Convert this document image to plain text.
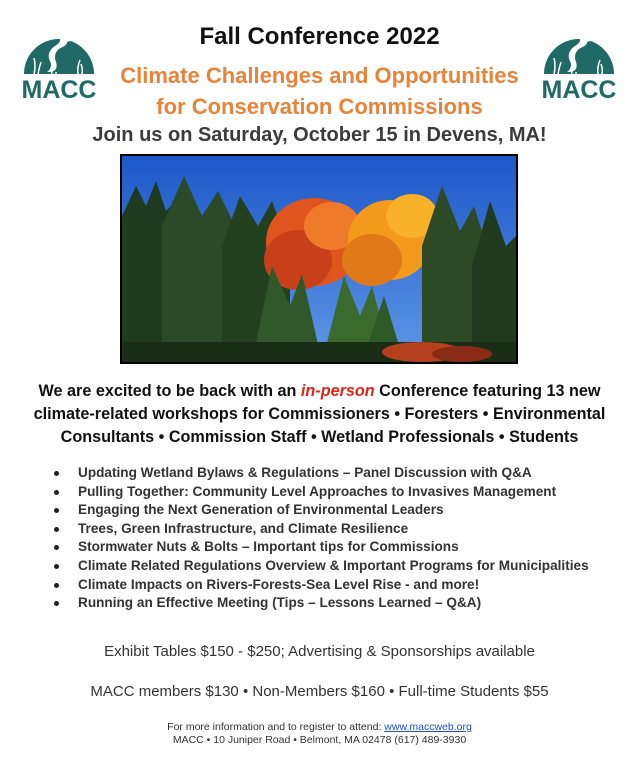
MACC	MACC

Fall Conference 2022

Climate Challenges and Opportunities
for Conservation Commissions

Join us on Saturday, October 15 in Devens, MA!

We are excited to be back with an in-person Conference featuring 13 new
climate-related workshops for Commissioners • Foresters • Environmental
Consultants • Commission Staff • Wetland Professionals • Students

Updating Wetland Bylaws & Regulations – Panel Discussion with Q&A
Pulling Together: Community Level Approaches to Invasives Management
Engaging the Next Generation of Environmental Leaders
Trees, Green Infrastructure, and Climate Resilience
Stormwater Nuts & Bolts – Important tips for Commissions
Climate Related Regulations Overview & Important Programs for Municipalities
Climate Impacts on Rivers-Forests-Sea Level Rise - and more!
Running an Effective Meeting (Tips – Lessons Learned – Q&A)

Exhibit Tables $150 - $250; Advertising & Sponsorships available

MACC members $130 • Non-Members $160 • Full-time Students $55

For more information and to register to attend: www.maccweb.org
MACC • 10 Juniper Road • Belmont, MA 02478 (617) 489-3930
